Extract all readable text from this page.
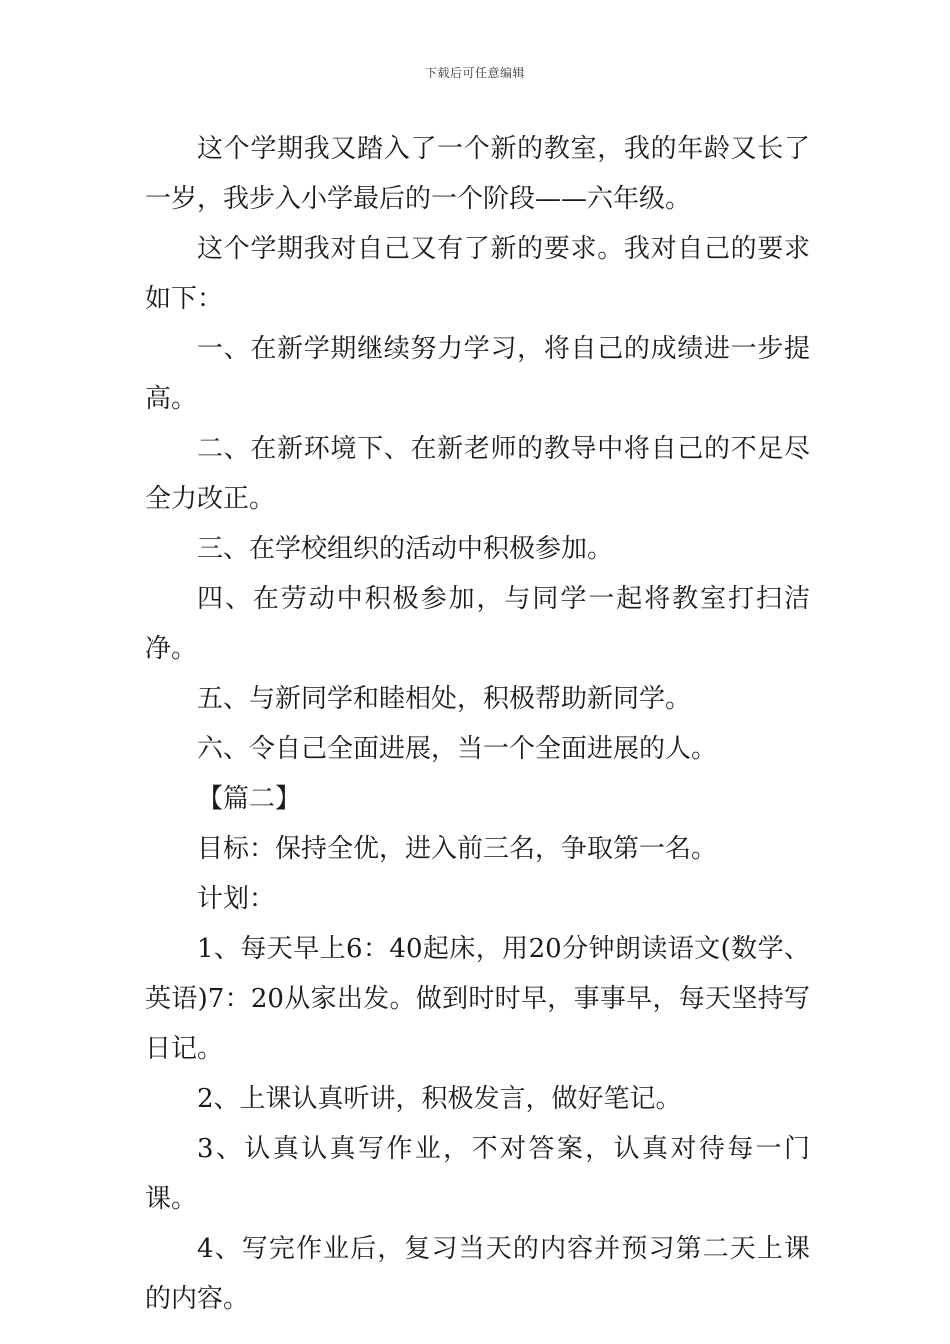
下载后可任意编辑

这个学期我又踏入了一个新的教室，我的年龄又长了一岁，我步入小学最后的一个阶段——六年级。

这个学期我对自己又有了新的要求。我对自己的要求如下：

一、在新学期继续努力学习，将自己的成绩进一步提高。

二、在新环境下、在新老师的教导中将自己的不足尽全力改正。

三、在学校组织的活动中积极参加。

四、在劳动中积极参加，与同学一起将教室打扫洁净。

五、与新同学和睦相处，积极帮助新同学。

六、令自己全面进展，当一个全面进展的人。

【篇二】

目标：保持全优，进入前三名，争取第一名。

计划：

1、每天早上6：40起床，用20分钟朗读语文(数学、英语)7：20从家出发。做到时时早，事事早，每天坚持写日记。

2、上课认真听讲，积极发言，做好笔记。

3、认真认真写作业，不对答案，认真对待每一门课。

4、写完作业后，复习当天的内容并预习第二天上课的内容。
